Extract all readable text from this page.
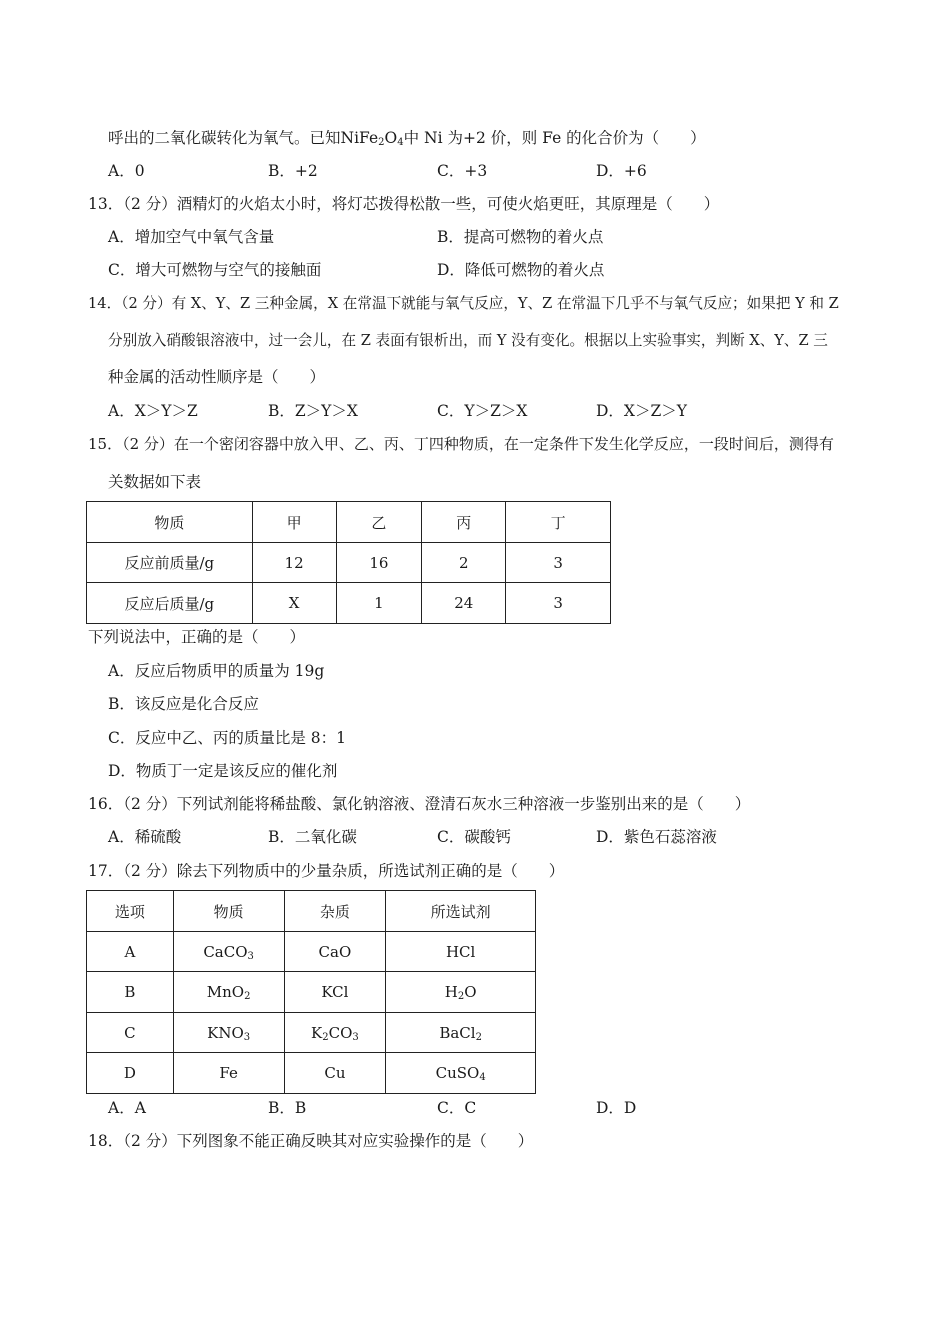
呼出的二氧化碳转化为氧气。已知$NiFe_2O_4$中 Ni 为+2 价，则 Fe 的化合价为（　　）
A．0	B．+2	C．+3	D．+6
13．（2 分）酒精灯的火焰太小时，将灯芯拨得松散一些，可使火焰更旺，其原理是（　　）
A．增加空气中氧气含量	B．提高可燃物的着火点
C．增大可燃物与空气的接触面	D．降低可燃物的着火点
14．（2 分）有 X、Y、Z 三种金属，X 在常温下就能与氧气反应，Y、Z 在常温下几乎不与氧气反应；如果把 Y 和 Z
分别放入硝酸银溶液中，过一会儿，在 Z 表面有银析出，而 Y 没有变化。根据以上实验事实，判断 X、Y、Z 三
种金属的活动性顺序是（　　）
A．X＞Y＞Z	B．Z＞Y＞X	C．Y＞Z＞X	D．X＞Z＞Y
15．（2 分）在一个密闭容器中放入甲、乙、丙、丁四种物质，在一定条件下发生化学反应，一段时间后，测得有
关数据如下表
物质	甲	乙	丙	丁
反应前质量/g	12	16	2	3
反应后质量/g	X	1	24	3
下列说法中，正确的是（　　）
A．反应后物质甲的质量为 19g
B．该反应是化合反应
C．反应中乙、丙的质量比是 8：1
D．物质丁一定是该反应的催化剂
16．（2 分）下列试剂能将稀盐酸、氯化钠溶液、澄清石灰水三种溶液一步鉴别出来的是（　　）
A．稀硫酸	B．二氧化碳	C．碳酸钙	D．紫色石蕊溶液
17．（2 分）除去下列物质中的少量杂质，所选试剂正确的是（　　）
选项	物质	杂质	所选试剂
A	CaCO$_3$	CaO	HCl
B	MnO$_2$	KCl	$H_2O$
C	$KNO_3$	$K_2CO_3$	BaCl$_2$
D	Fe	Cu	CuSO$_4$
A．A	B．B	C．C	D．D
18．（2 分）下列图象不能正确反映其对应实验操作的是（　　）
